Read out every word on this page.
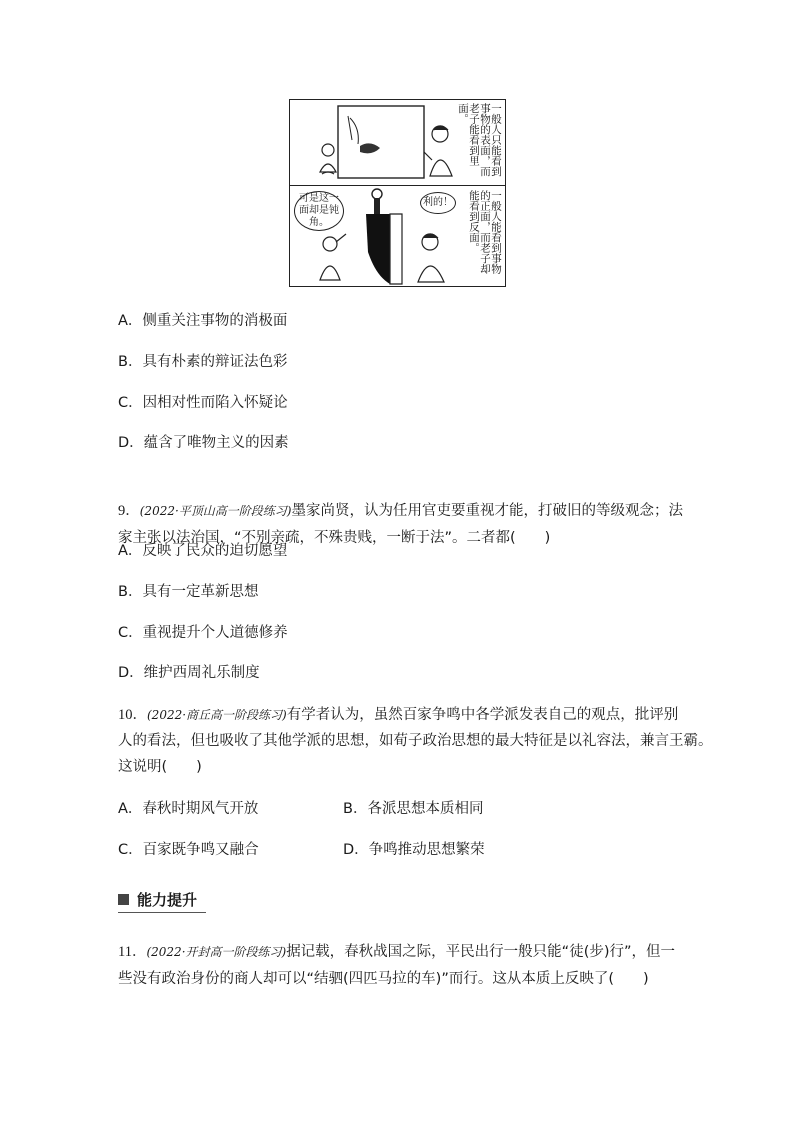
一般人只能看到事物的表面，而老子能看到里面。
可是这一面却是钝角。
利的！	一般人能看到事物的正面，而老子却能看到反面。
A．侧重关注事物的消极面
B．具有朴素的辩证法色彩
C．因相对性而陷入怀疑论
D．蕴含了唯物主义的因素
9．(2022·平顶山高一阶段练习)墨家尚贤，认为任用官吏要重视才能，打破旧的等级观念；法
家主张以法治国，“不别亲疏，不殊贵贱，一断于法”。二者都(　　)
A．反映了民众的迫切愿望
B．具有一定革新思想
C．重视提升个人道德修养
D．维护西周礼乐制度
10．(2022·商丘高一阶段练习)有学者认为，虽然百家争鸣中各学派发表自己的观点，批评别
人的看法，但也吸收了其他学派的思想，如荀子政治思想的最大特征是以礼容法，兼言王霸。
这说明(　　)
A．春秋时期风气开放	B．各派思想本质相同
C．百家既争鸣又融合	D．争鸣推动思想繁荣
能力提升
11．(2022·开封高一阶段练习)据记载，春秋战国之际，平民出行一般只能“徒(步)行”，但一
些没有政治身份的商人却可以“结驷(四匹马拉的车)”而行。这从本质上反映了(　　)
